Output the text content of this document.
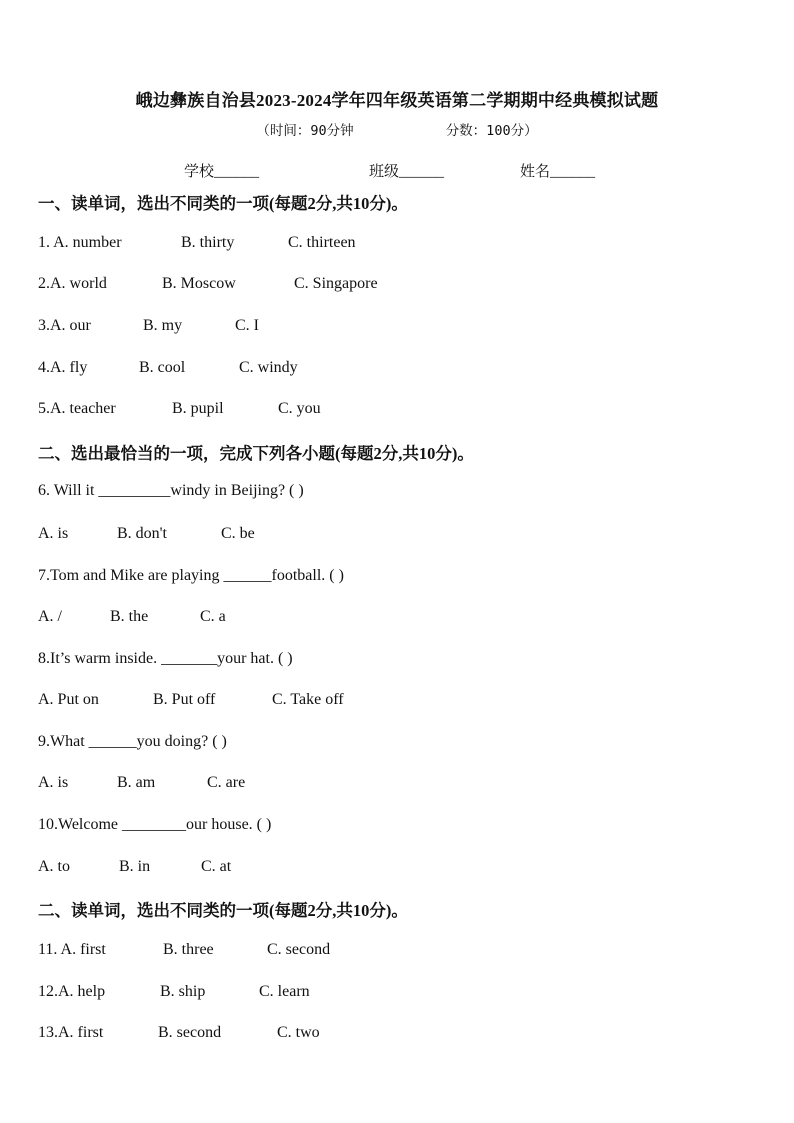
峨边彝族自治县2023-2024学年四年级英语第二学期期中经典模拟试题
（时间：90分钟	分数：100分）
学校______	班级______	姓名______
一、读单词，选出不同类的一项(每题2分,共10分)。
1. A. number	B. thirty	C. thirteen
2.A. world	B. Moscow	C. Singapore
3.A. our	B. my	C. I
4.A. fly	B. cool	C. windy
5.A. teacher	B. pupil	C. you
二、选出最恰当的一项，完成下列各小题(每题2分,共10分)。
6. Will it _________windy in Beijing? ( )
A. is	B. don't	C. be
7.Tom and Mike are playing ______football. ( )
A. /	B. the	C. a
8.It’s warm inside. _______your hat. ( )
A. Put on	B. Put off	C. Take off
9.What ______you doing? ( )
A. is	B. am	C. are
10.Welcome ________our house. ( )
A. to	B. in	C. at
二、读单词，选出不同类的一项(每题2分,共10分)。
11. A. first	B. three	C. second
12.A. help	B. ship	C. learn
13.A. first	B. second	C. two
